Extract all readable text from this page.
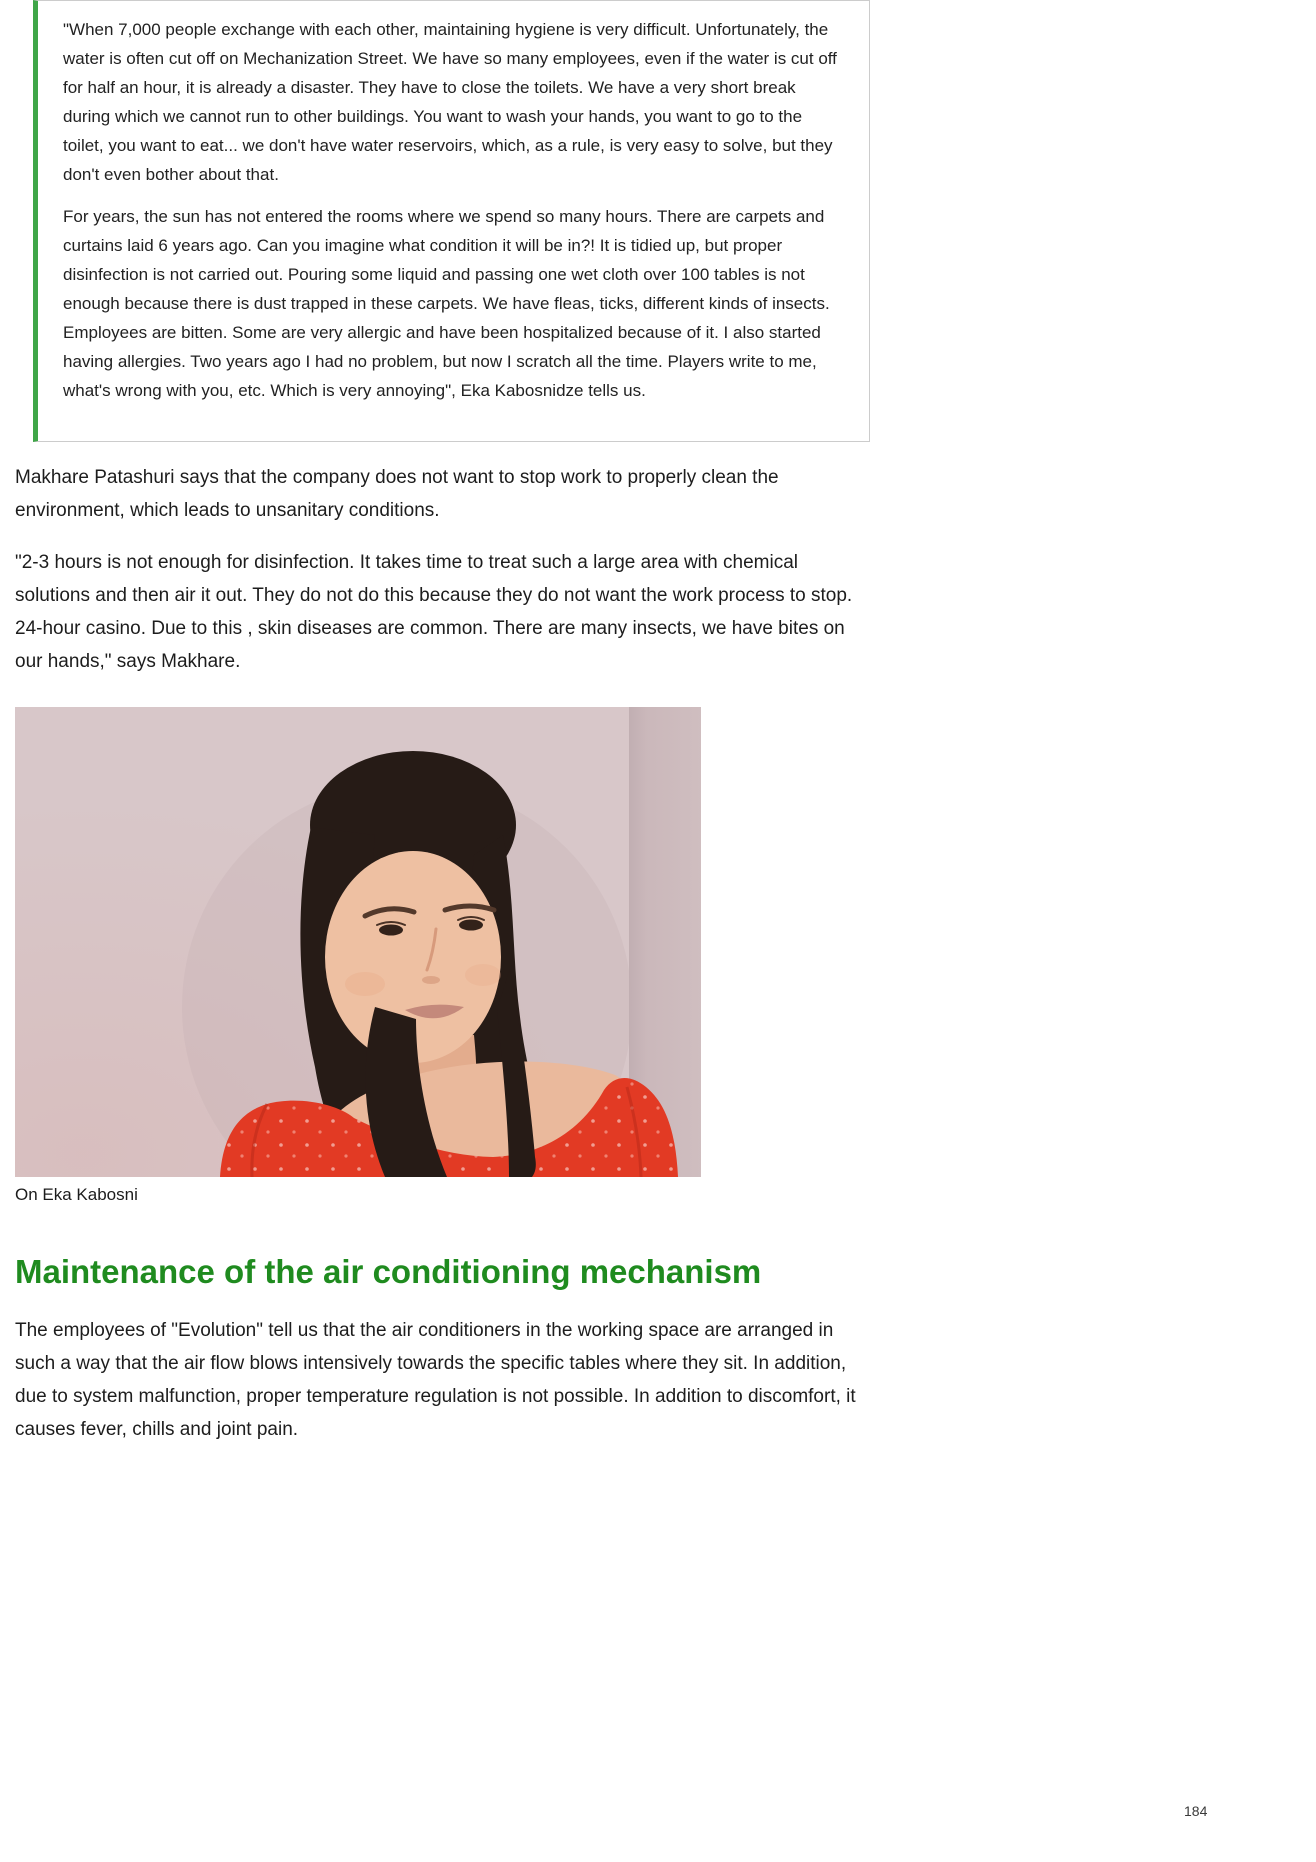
"When 7,000 people exchange with each other, maintaining hygiene is very difficult. Unfortunately, the water is often cut off on Mechanization Street. We have so many employees, even if the water is cut off for half an hour, it is already a disaster. They have to close the toilets. We have a very short break during which we cannot run to other buildings. You want to wash your hands, you want to go to the toilet, you want to eat... we don't have water reservoirs, which, as a rule, is very easy to solve, but they don't even bother about that.

For years, the sun has not entered the rooms where we spend so many hours. There are carpets and curtains laid 6 years ago. Can you imagine what condition it will be in?! It is tidied up, but proper disinfection is not carried out. Pouring some liquid and passing one wet cloth over 100 tables is not enough because there is dust trapped in these carpets. We have fleas, ticks, different kinds of insects. Employees are bitten. Some are very allergic and have been hospitalized because of it. I also started having allergies. Two years ago I had no problem, but now I scratch all the time. Players write to me, what's wrong with you, etc. Which is very annoying", Eka Kabosnidze tells us.

Makhare Patashuri says that the company does not want to stop work to properly clean the environment, which leads to unsanitary conditions.

"2-3 hours is not enough for disinfection. It takes time to treat such a large area with chemical solutions and then air it out. They do not do this because they do not want the work process to stop. 24-hour casino. Due to this , skin diseases are common. There are many insects, we have bites on our hands," says Makhare.

On Eka Kabosni
Maintenance of the air conditioning mechanism

The employees of "Evolution" tell us that the air conditioners in the working space are arranged in such a way that the air flow blows intensively towards the specific tables where they sit. In addition, due to system malfunction, proper temperature regulation is not possible. In addition to discomfort, it causes fever, chills and joint pain.

184
